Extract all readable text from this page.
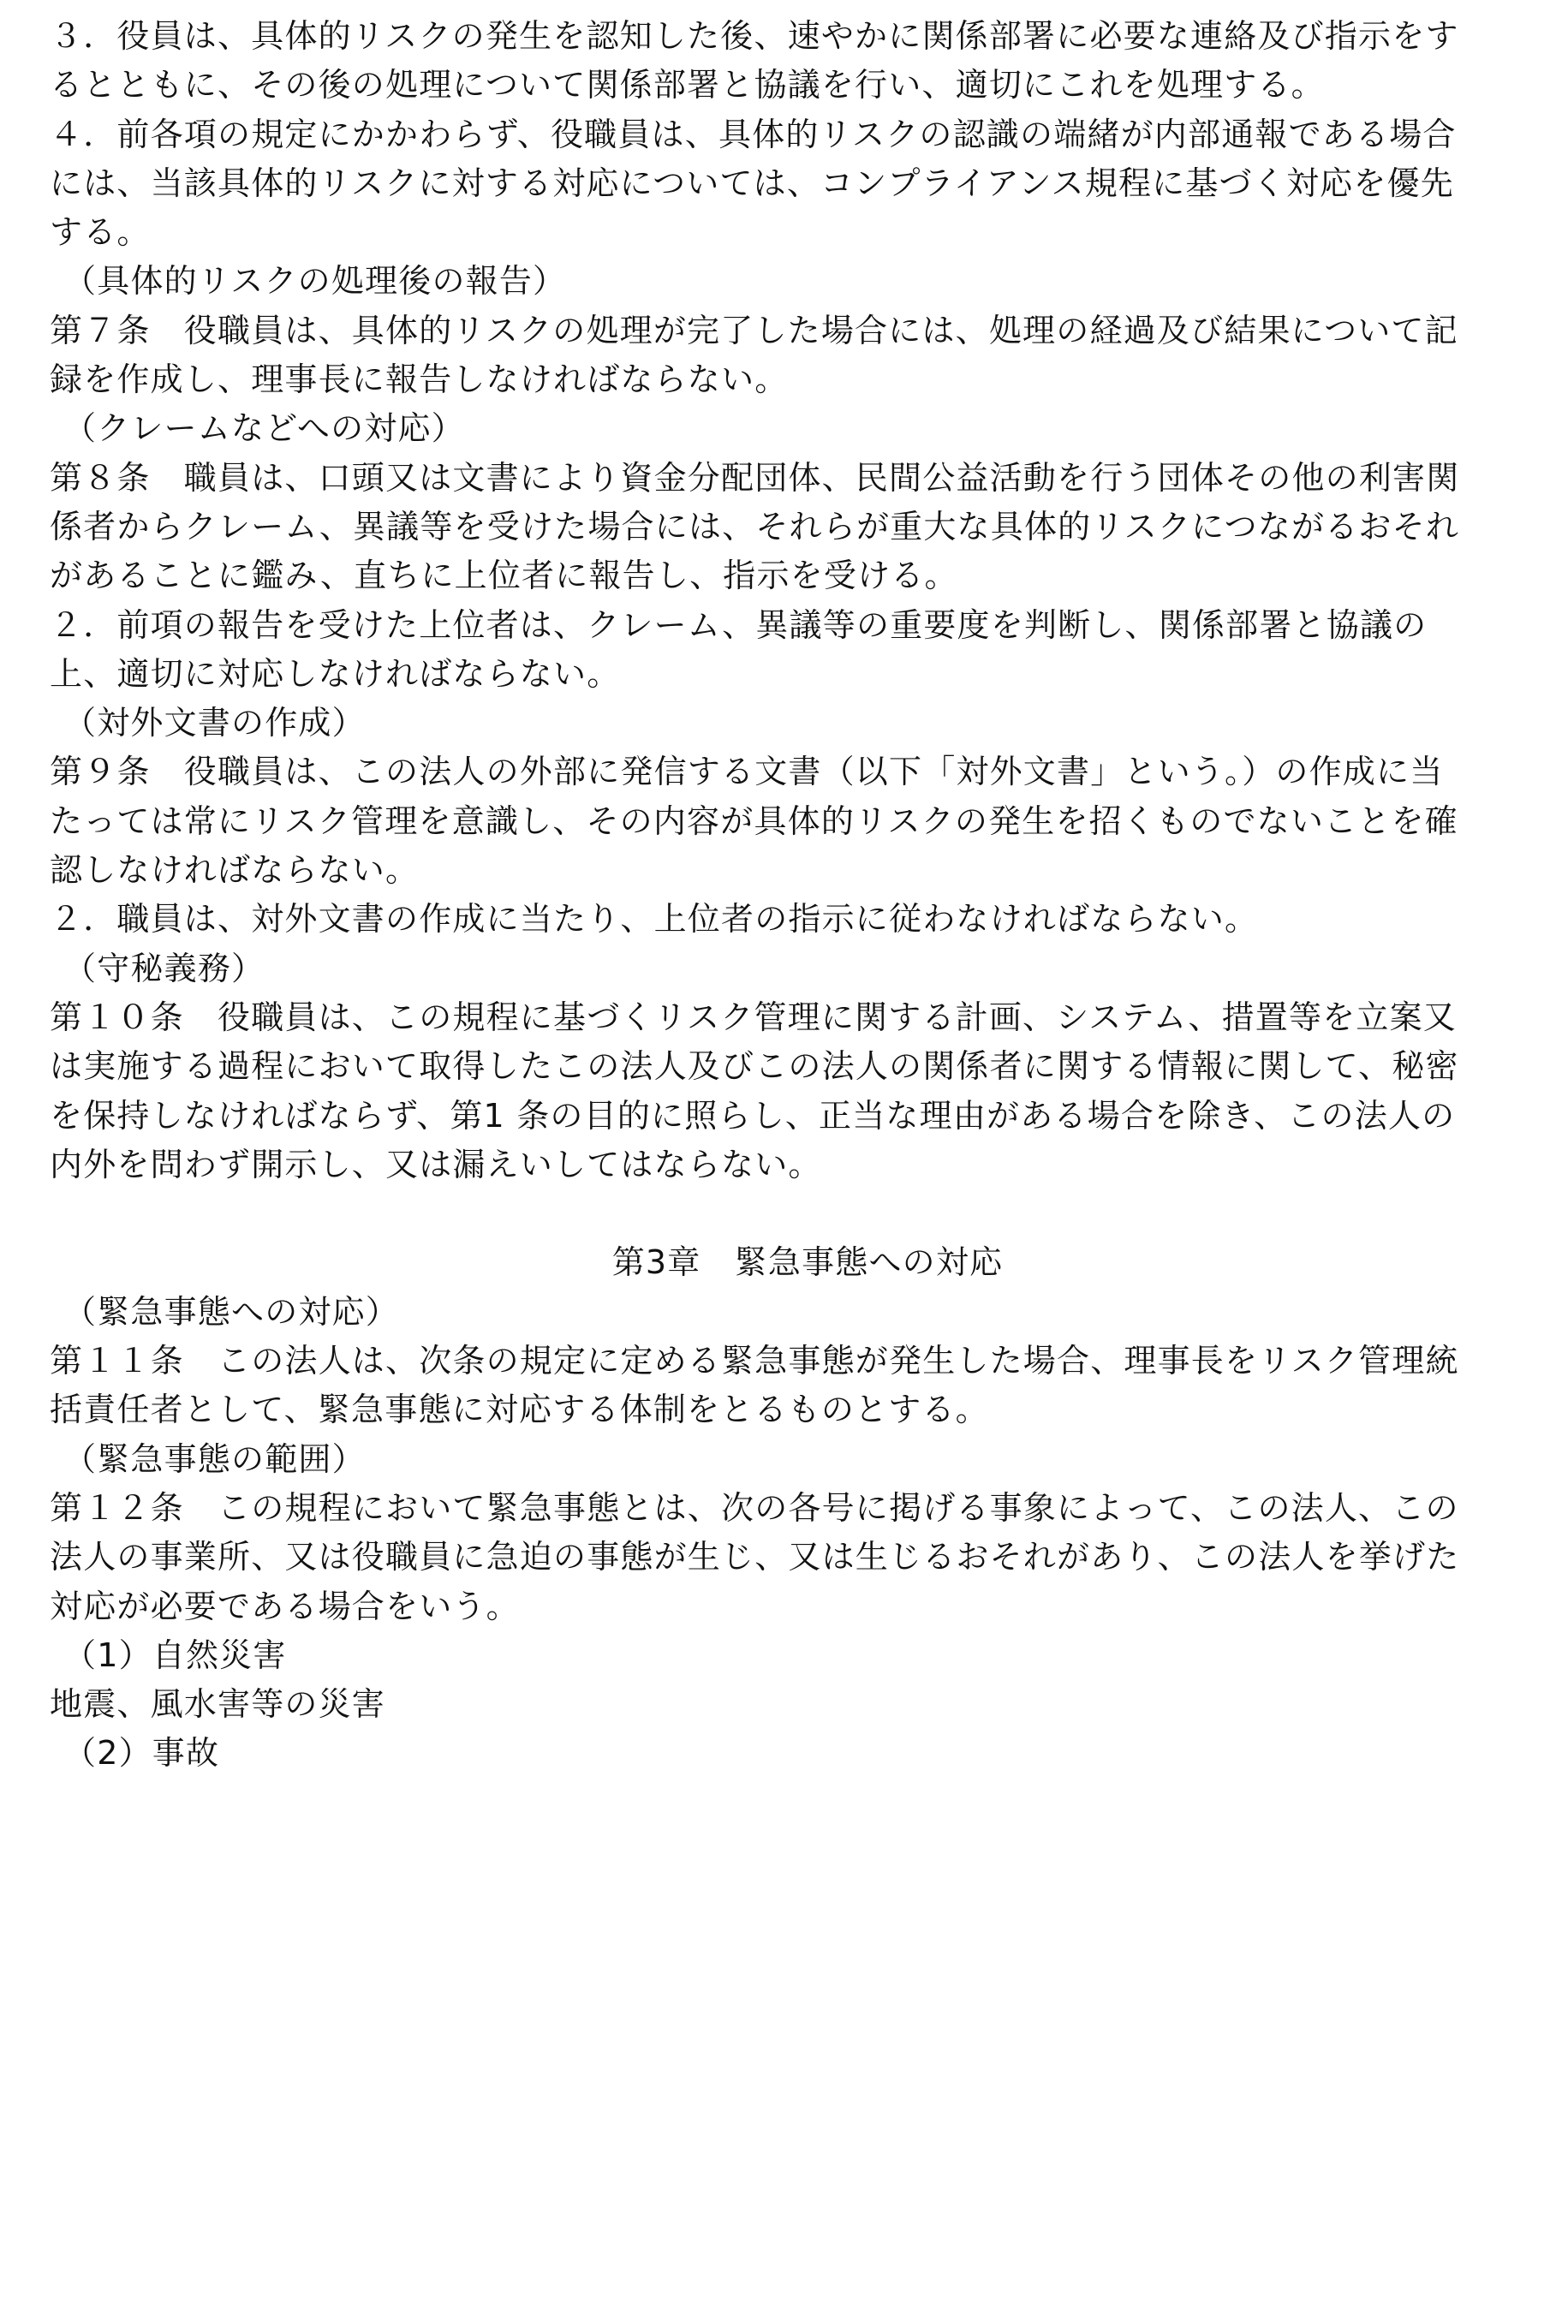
３．役員は、具体的リスクの発生を認知した後、速やかに関係部署に必要な連絡及び指示をす
るとともに、その後の処理について関係部署と協議を行い、適切にこれを処理する。
４．前各項の規定にかかわらず、役職員は、具体的リスクの認識の端緒が内部通報である場合
には、当該具体的リスクに対する対応については、コンプライアンス規程に基づく対応を優先
する。
（具体的リスクの処理後の報告）
第７条　役職員は、具体的リスクの処理が完了した場合には、処理の経過及び結果について記
録を作成し、理事長に報告しなければならない。
（クレームなどへの対応）
第８条　職員は、口頭又は文書により資金分配団体、民間公益活動を行う団体その他の利害関
係者からクレーム、異議等を受けた場合には、それらが重大な具体的リスクにつながるおそれ
があることに鑑み、直ちに上位者に報告し、指示を受ける。
２．前項の報告を受けた上位者は、クレーム、異議等の重要度を判断し、関係部署と協議の
上、適切に対応しなければならない。
（対外文書の作成）
第９条　役職員は、この法人の外部に発信する文書（以下「対外文書」という。）の作成に当
たっては常にリスク管理を意識し、その内容が具体的リスクの発生を招くものでないことを確
認しなければならない。
２．職員は、対外文書の作成に当たり、上位者の指示に従わなければならない。
（守秘義務）
第１０条　役職員は、この規程に基づくリスク管理に関する計画、システム、措置等を立案又
は実施する過程において取得したこの法人及びこの法人の関係者に関する情報に関して、秘密
を保持しなければならず、第1 条の目的に照らし、正当な理由がある場合を除き、この法人の
内外を問わず開示し、又は漏えいしてはならない。
第3章　緊急事態への対応
（緊急事態への対応）
第１１条　この法人は、次条の規定に定める緊急事態が発生した場合、理事長をリスク管理統
括責任者として、緊急事態に対応する体制をとるものとする。
（緊急事態の範囲）
第１２条　この規程において緊急事態とは、次の各号に掲げる事象によって、この法人、この
法人の事業所、又は役職員に急迫の事態が生じ、又は生じるおそれがあり、この法人を挙げた
対応が必要である場合をいう。
（1）自然災害
地震、風水害等の災害
（2）事故
